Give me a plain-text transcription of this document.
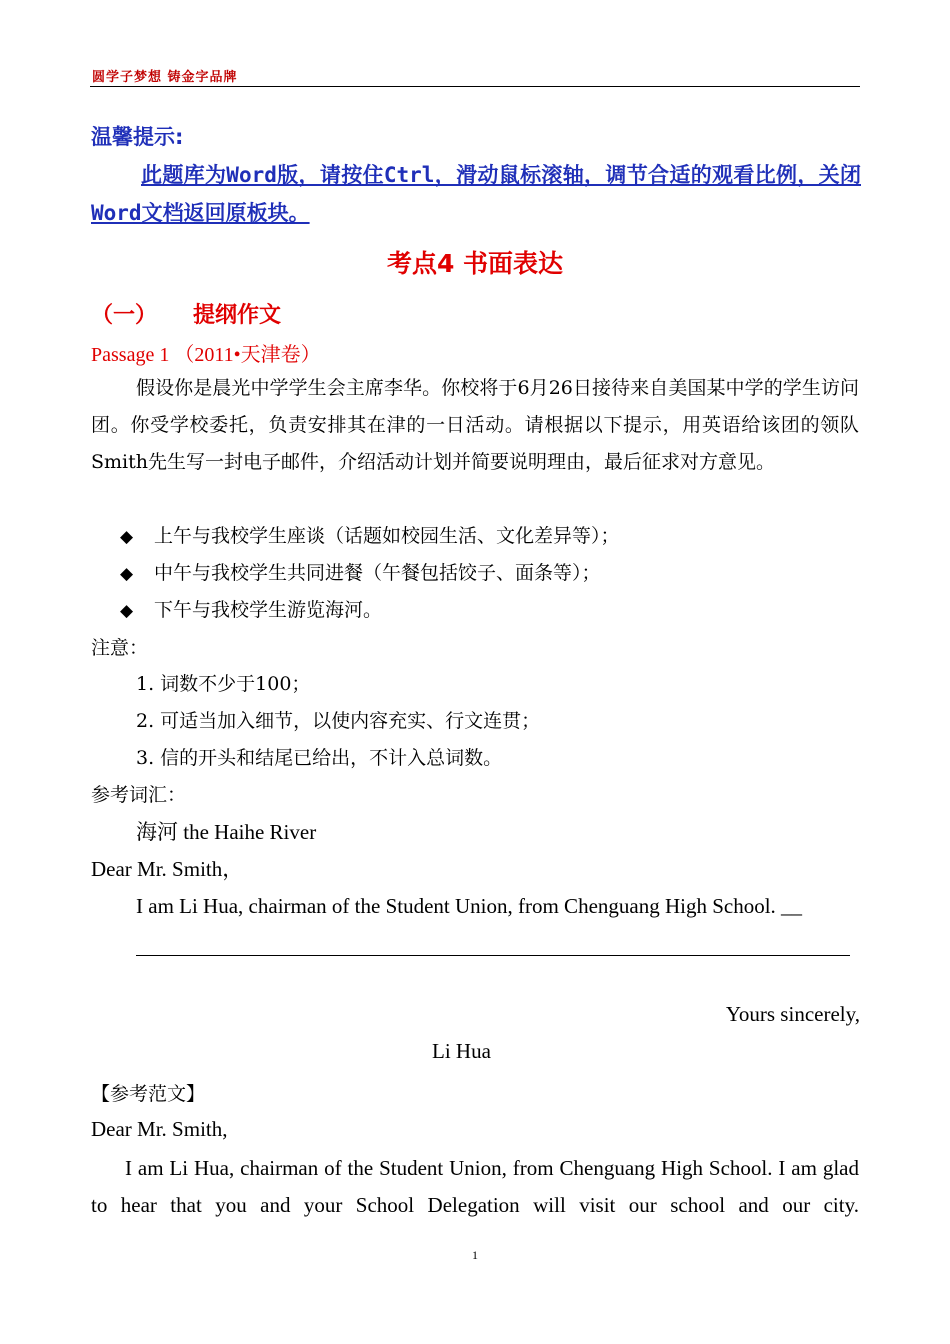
圆学子梦想 铸金字品牌
温馨提示:
此题库为Word版，请按住Ctrl，滑动鼠标滚轴，调节合适的观看比例，关闭Word文档返回原板块。
考点4 书面表达
（一） 提纲作文
Passage 1 （2011•天津卷）
假设你是晨光中学学生会主席李华。你校将于6月26日接待来自美国某中学的学生访问团。你受学校委托，负责安排其在津的一日活动。请根据以下提示，用英语给该团的领队Smith先生写一封电子邮件，介绍活动计划并简要说明理由，最后征求对方意见。
◆ 上午与我校学生座谈（话题如校园生活、文化差异等）；
◆ 中午与我校学生共同进餐（午餐包括饺子、面条等）；
◆ 下午与我校学生游览海河。
注意：
1. 词数不少于100；
2. 可适当加入细节，以使内容充实、行文连贯；
3. 信的开头和结尾已给出，不计入总词数。
参考词汇：
海河 the Haihe River
Dear Mr. Smith，
I am Li Hua, chairman of the Student Union, from Chenguang High School. __
Yours sincerely,
Li Hua
【参考范文】
Dear Mr. Smith,
I am Li Hua, chairman of the Student Union, from Chenguang High School. I am glad to hear that you and your School Delegation will visit our school and our city.
1
